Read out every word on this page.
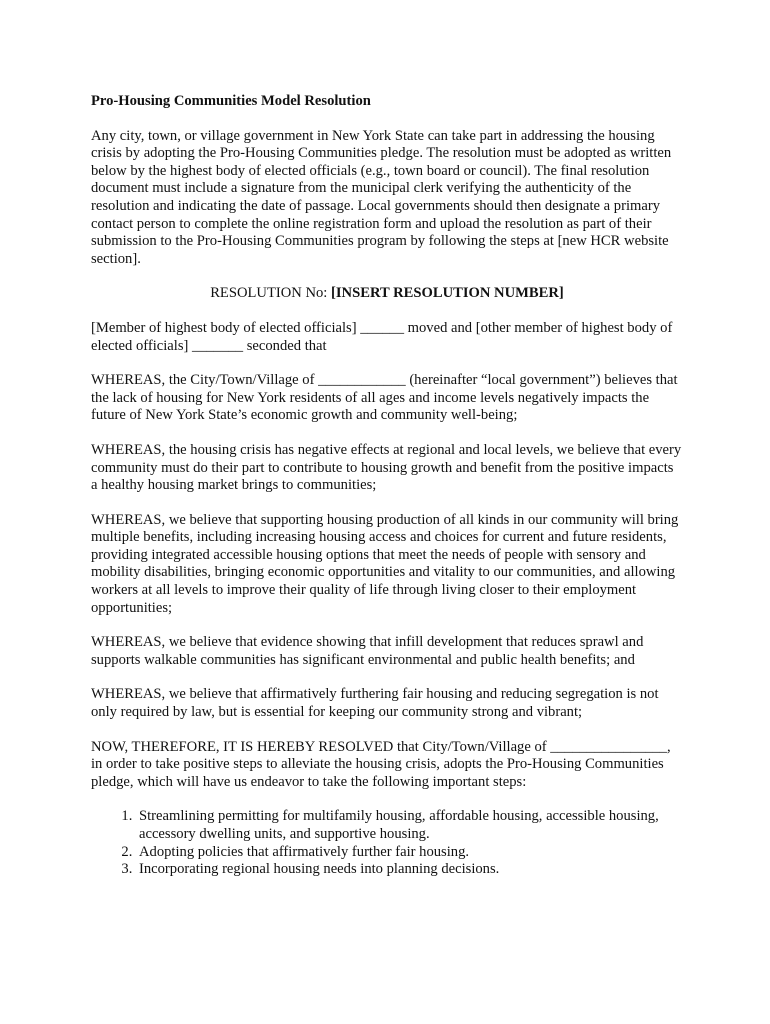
Pro-Housing Communities Model Resolution

Any city, town, or village government in New York State can take part in addressing the housing crisis by adopting the Pro-Housing Communities pledge. The resolution must be adopted as written below by the highest body of elected officials (e.g., town board or council). The final resolution document must include a signature from the municipal clerk verifying the authenticity of the resolution and indicating the date of passage. Local governments should then designate a primary contact person to complete the online registration form and upload the resolution as part of their submission to the Pro-Housing Communities program by following the steps at [new HCR website section].

RESOLUTION No: [INSERT RESOLUTION NUMBER]

[Member of highest body of elected officials] ______ moved and [other member of highest body of elected officials] _______ seconded that

WHEREAS, the City/Town/Village of ____________ (hereinafter “local government”) believes that the lack of housing for New York residents of all ages and income levels negatively impacts the future of New York State’s economic growth and community well-being;

WHEREAS, the housing crisis has negative effects at regional and local levels, we believe that every community must do their part to contribute to housing growth and benefit from the positive impacts a healthy housing market brings to communities;

WHEREAS, we believe that supporting housing production of all kinds in our community will bring multiple benefits, including increasing housing access and choices for current and future residents, providing integrated accessible housing options that meet the needs of people with sensory and mobility disabilities, bringing economic opportunities and vitality to our communities, and allowing workers at all levels to improve their quality of life through living closer to their employment opportunities;

WHEREAS, we believe that evidence showing that infill development that reduces sprawl and supports walkable communities has significant environmental and public health benefits; and

WHEREAS, we believe that affirmatively furthering fair housing and reducing segregation is not only required by law, but is essential for keeping our community strong and vibrant;

NOW, THEREFORE, IT IS HEREBY RESOLVED that City/Town/Village of ________________, in order to take positive steps to alleviate the housing crisis, adopts the Pro-Housing Communities pledge, which will have us endeavor to take the following important steps:

1. Streamlining permitting for multifamily housing, affordable housing, accessible housing, accessory dwelling units, and supportive housing.
2. Adopting policies that affirmatively further fair housing.
3. Incorporating regional housing needs into planning decisions.
